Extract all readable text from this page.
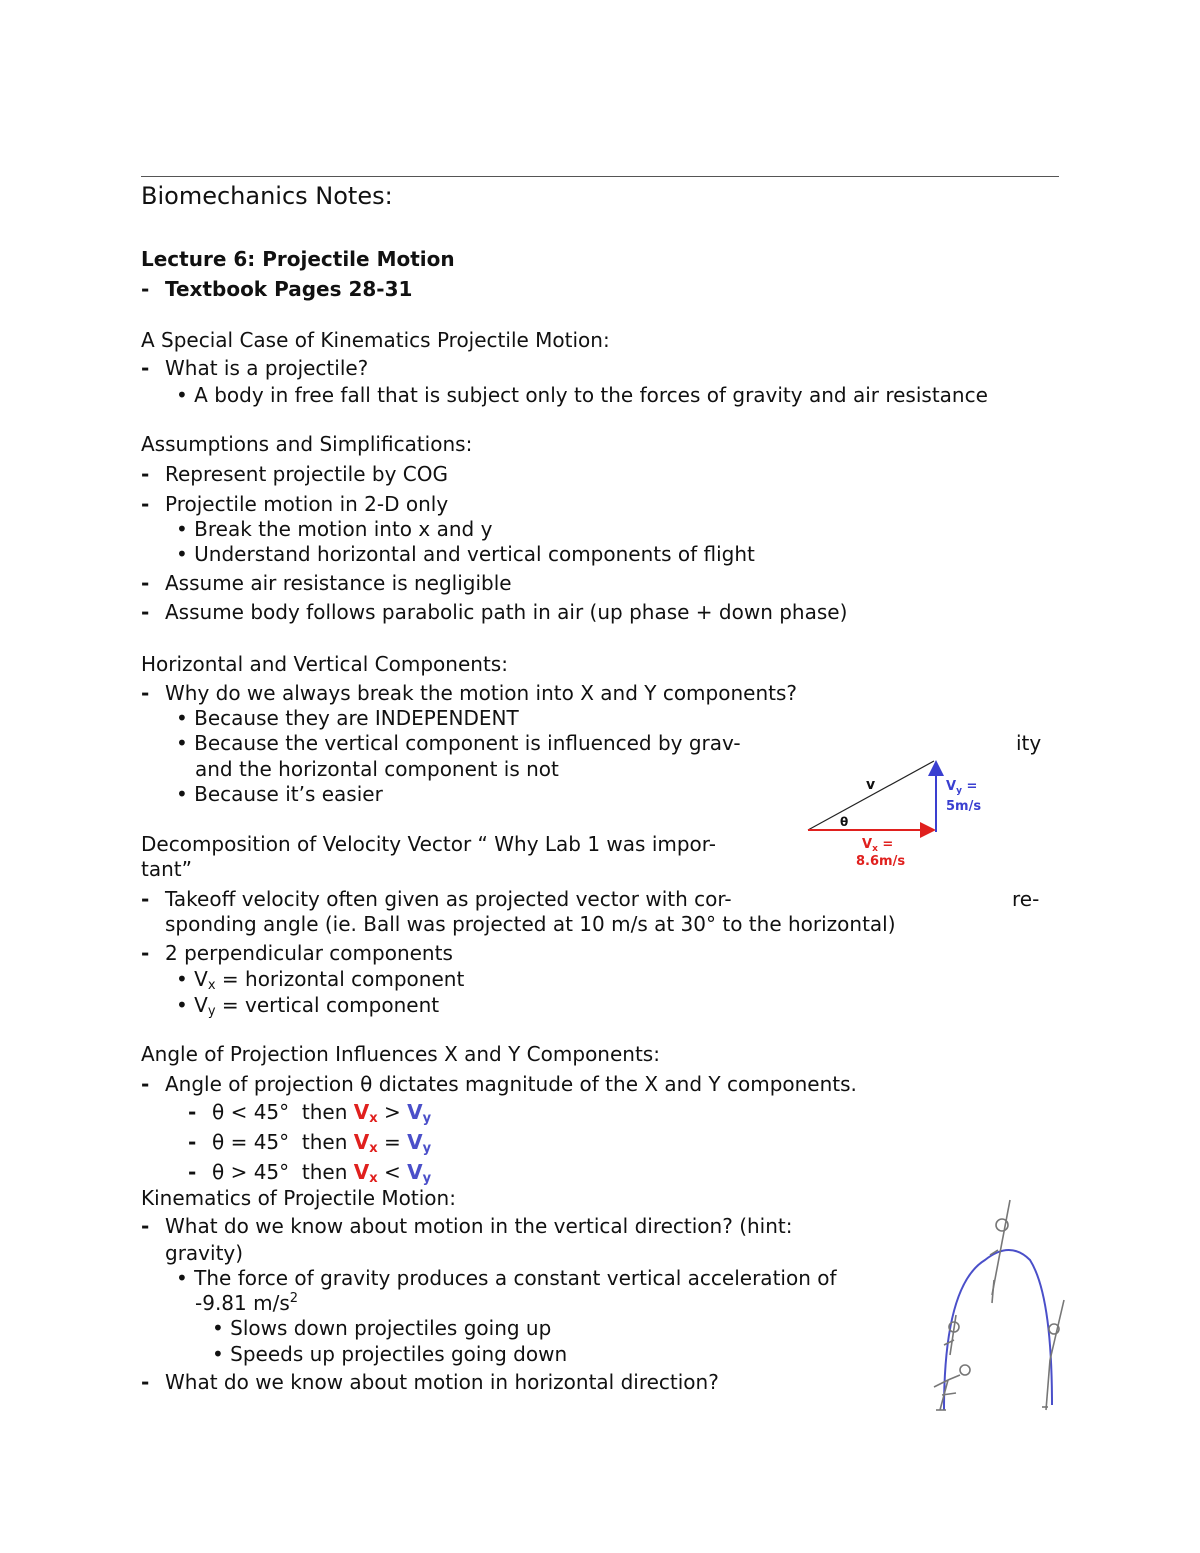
Biomechanics Notes:
Lecture 6: Projectile Motion
- Textbook Pages 28-31
A Special Case of Kinematics Projectile Motion:
- What is a projectile?
• A body in free fall that is subject only to the forces of gravity and air resistance
Assumptions and Simplifications:
- Represent projectile by COG
- Projectile motion in 2-D only
• Break the motion into x and y
• Understand horizontal and vertical components of flight
- Assume air resistance is negligible
- Assume body follows parabolic path in air (up phase + down phase)
Horizontal and Vertical Components:
- Why do we always break the motion into X and Y components?
• Because they are INDEPENDENT
• Because the vertical component is influenced by grav-	ity
and the horizontal component is not
• Because it’s easier	v
θ
$V_y$ =
5m/s
$V_x$ =
8.6m/s
Decomposition of Velocity Vector “ Why Lab 1 was impor-
tant”
- Takeoff velocity often given as projected vector with cor-	re-
sponding angle (ie. Ball was projected at 10 m/s at 30° to the horizontal)
- 2 perpendicular components
• $V_x$ = horizontal component
• $V_y$ = vertical component
Angle of Projection Influences X and Y Components:
- Angle of projection θ dictates magnitude of the X and Y components.
- θ < 45° then $V_x > V_y$
- θ = 45° then $V_x = V_y$
- θ > 45° then $V_x < V_y$
Kinematics of Projectile Motion:
- What do we know about motion in the vertical direction? (hint:
gravity)
• The force of gravity produces a constant vertical acceleration of
-9.81 $m/s^2$
• Slows down projectiles going up
• Speeds up projectiles going down
- What do we know about motion in horizontal direction?
